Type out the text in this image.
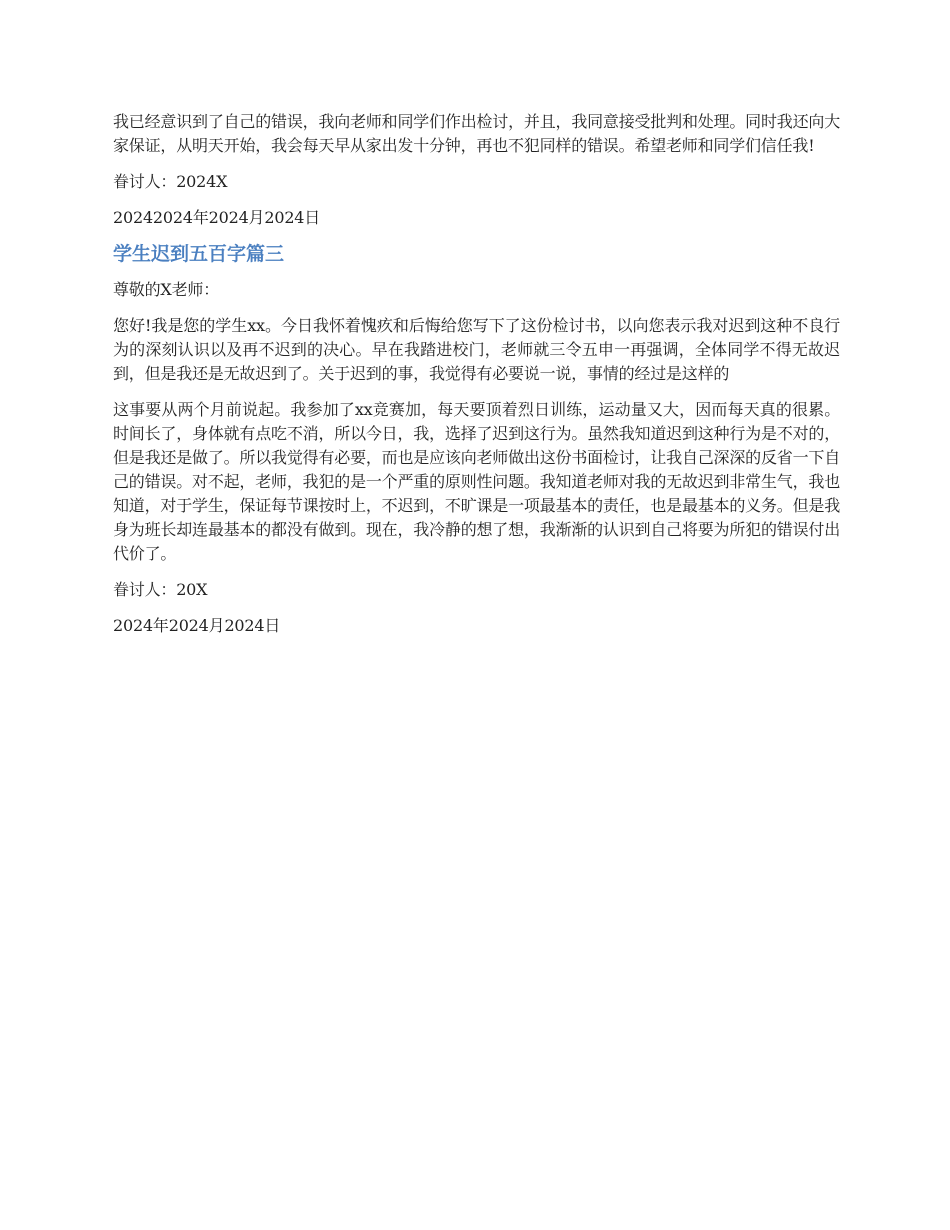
我已经意识到了自己的错误，我向老师和同学们作出检讨，并且，我同意接受批判和处理。同时我还向大家保证，从明天开始，我会每天早从家出发十分钟，再也不犯同样的错误。希望老师和同学们信任我!

眷讨人：2024X

20242024年2024月2024日

学生迟到五百字篇三

尊敬的X老师：

您好!我是您的学生xx。今日我怀着愧疚和后悔给您写下了这份检讨书，以向您表示我对迟到这种不良行为的深刻认识以及再不迟到的决心。早在我踏进校门，老师就三令五申一再强调，全体同学不得无故迟到，但是我还是无故迟到了。关于迟到的事，我觉得有必要说一说，事情的经过是这样的

这事要从两个月前说起。我参加了xx竞赛加，每天要顶着烈日训练，运动量又大，因而每天真的很累。时间长了，身体就有点吃不消，所以今日，我，选择了迟到这行为。虽然我知道迟到这种行为是不对的，但是我还是做了。所以我觉得有必要，而也是应该向老师做出这份书面检讨，让我自己深深的反省一下自己的错误。对不起，老师，我犯的是一个严重的原则性问题。我知道老师对我的无故迟到非常生气，我也知道，对于学生，保证每节课按时上，不迟到，不旷课是一项最基本的责任，也是最基本的义务。但是我身为班长却连最基本的都没有做到。现在，我冷静的想了想，我渐渐的认识到自己将要为所犯的错误付出代价了。

眷讨人：20X

2024年2024月2024日
